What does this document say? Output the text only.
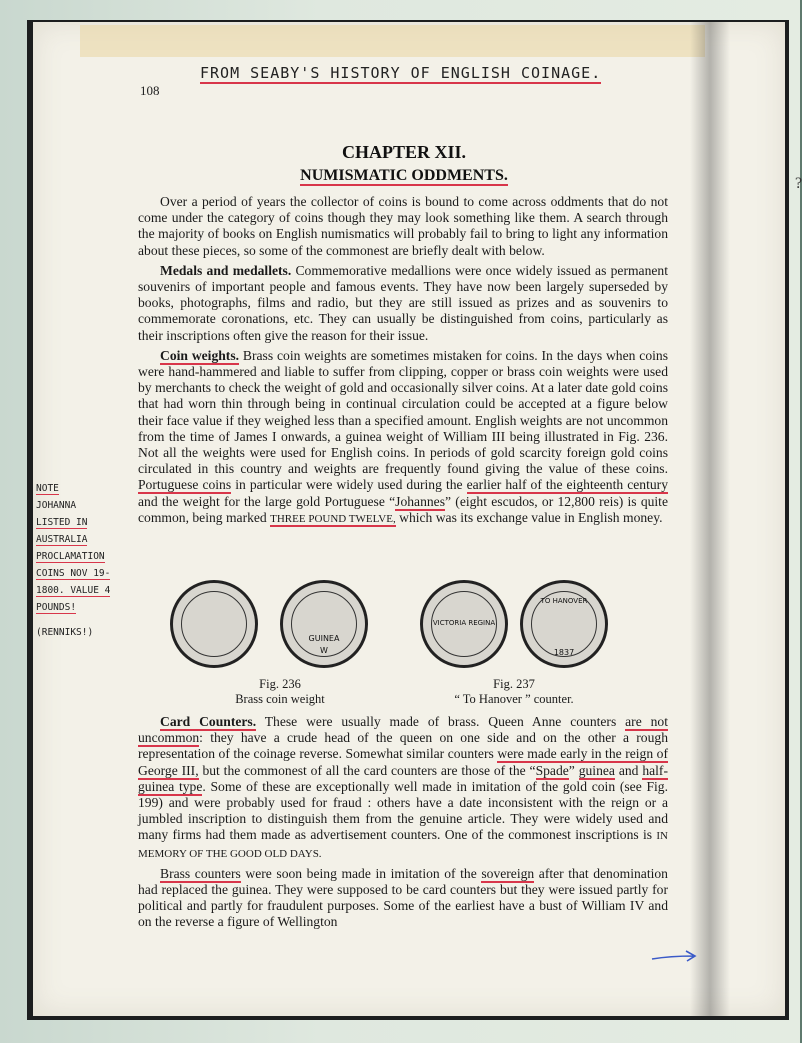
?
FROM SEABY'S HISTORY OF ENGLISH COINAGE.
108
CHAPTER XII.
NUMISMATIC ODDMENTS.

Over a period of years the collector of coins is bound to come across oddments that do not come under the category of coins though they may look something like them. A search through the majority of books on English numismatics will probably fail to bring to light any information about these pieces, so some of the commonest are briefly dealt with below.

Medals and medallets. Commemorative medallions were once widely issued as permanent souvenirs of important people and famous events. They have now been largely superseded by books, photographs, films and radio, but they are still issued as prizes and as souvenirs to commemorate coronations, etc. They can usually be distinguished from coins, particularly as their inscriptions often give the reason for their issue.

Coin weights. Brass coin weights are sometimes mistaken for coins. In the days when coins were hand-hammered and liable to suffer from clipping, copper or brass coin weights were used by merchants to check the weight of gold and occasionally silver coins. At a later date gold coins that had worn thin through being in continual circulation could be accepted at a figure below their face value if they weighed less than a specified amount. English weights are not uncommon from the time of James I onwards, a guinea weight of William III being illustrated in Fig. 236. Not all the weights were used for English coins. In periods of gold scarcity foreign gold coins circulated in this country and weights are frequently found giving the value of these coins. Portuguese coins in particular were widely used during the earlier half of the eighteenth century and the weight for the large gold Portuguese “Johannes” (eight escudos, or 12,800 reis) is quite common, being marked THREE POUND TWELVE, which was its exchange value in English money.

GUINEA
W
VICTORIA REGINA
TO HANOVER
1837
Fig. 236
Brass coin weight
Fig. 237
“ To Hanover ” counter.

Card Counters. These were usually made of brass. Queen Anne counters are not uncommon: they have a crude head of the queen on one side and on the other a rough representation of the coinage reverse. Somewhat similar counters were made early in the reign of George III, but the commonest of all the card counters are those of the “Spade” guinea and half-guinea type. Some of these are exceptionally well made in imitation of the gold coin (see Fig. 199) and were probably used for fraud : others have a date inconsistent with the reign or a jumbled inscription to distinguish them from the genuine article. They were widely used and many firms had them made as advertisement counters. One of the commonest inscriptions is IN MEMORY OF THE GOOD OLD DAYS.

Brass counters were soon being made in imitation of the sovereign after that denomination had replaced the guinea. They were supposed to be card counters but they were issued partly for political and partly for fraudulent purposes. Some of the earliest have a bust of William IV and on the reverse a figure of Wellington

NOTE
JOHANNA
LISTED IN AUSTRALIA
PROCLAMATION
COINS NOV 19-
1800. VALUE 4
POUNDS!
(RENNIKS!)
